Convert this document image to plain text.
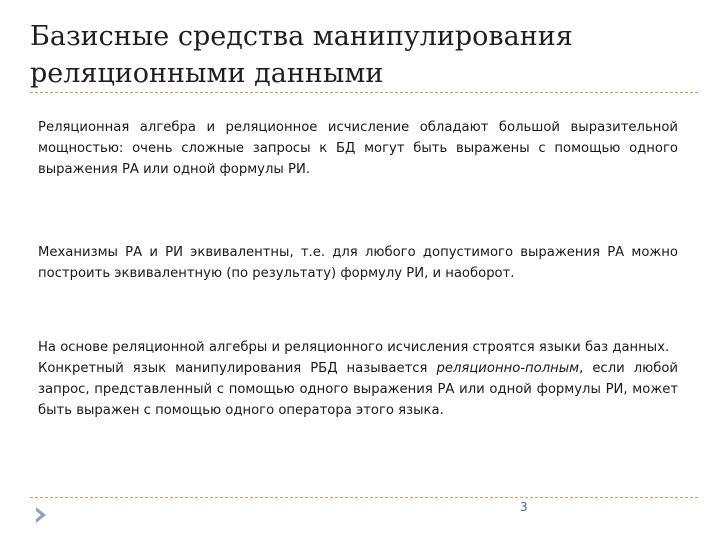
Базисные средства манипулирования
реляционными данными

Реляционная алгебра и реляционное исчисление обладают большой выразительной мощностью: очень сложные запросы к БД могут быть выражены с помощью одного выражения РА или одной формулы РИ.

Механизмы РА и РИ эквивалентны, т.е. для любого допустимого выражения РА можно построить эквивалентную (по результату) формулу РИ, и наоборот.

На основе реляционной алгебры и реляционного исчисления строятся языки баз данных.

Конкретный язык манипулирования РБД называется реляционно-полным, если любой запрос, представленный с помощью одного выражения РА или одной формулы РИ, может быть выражен с помощью одного оператора этого языка.

3
